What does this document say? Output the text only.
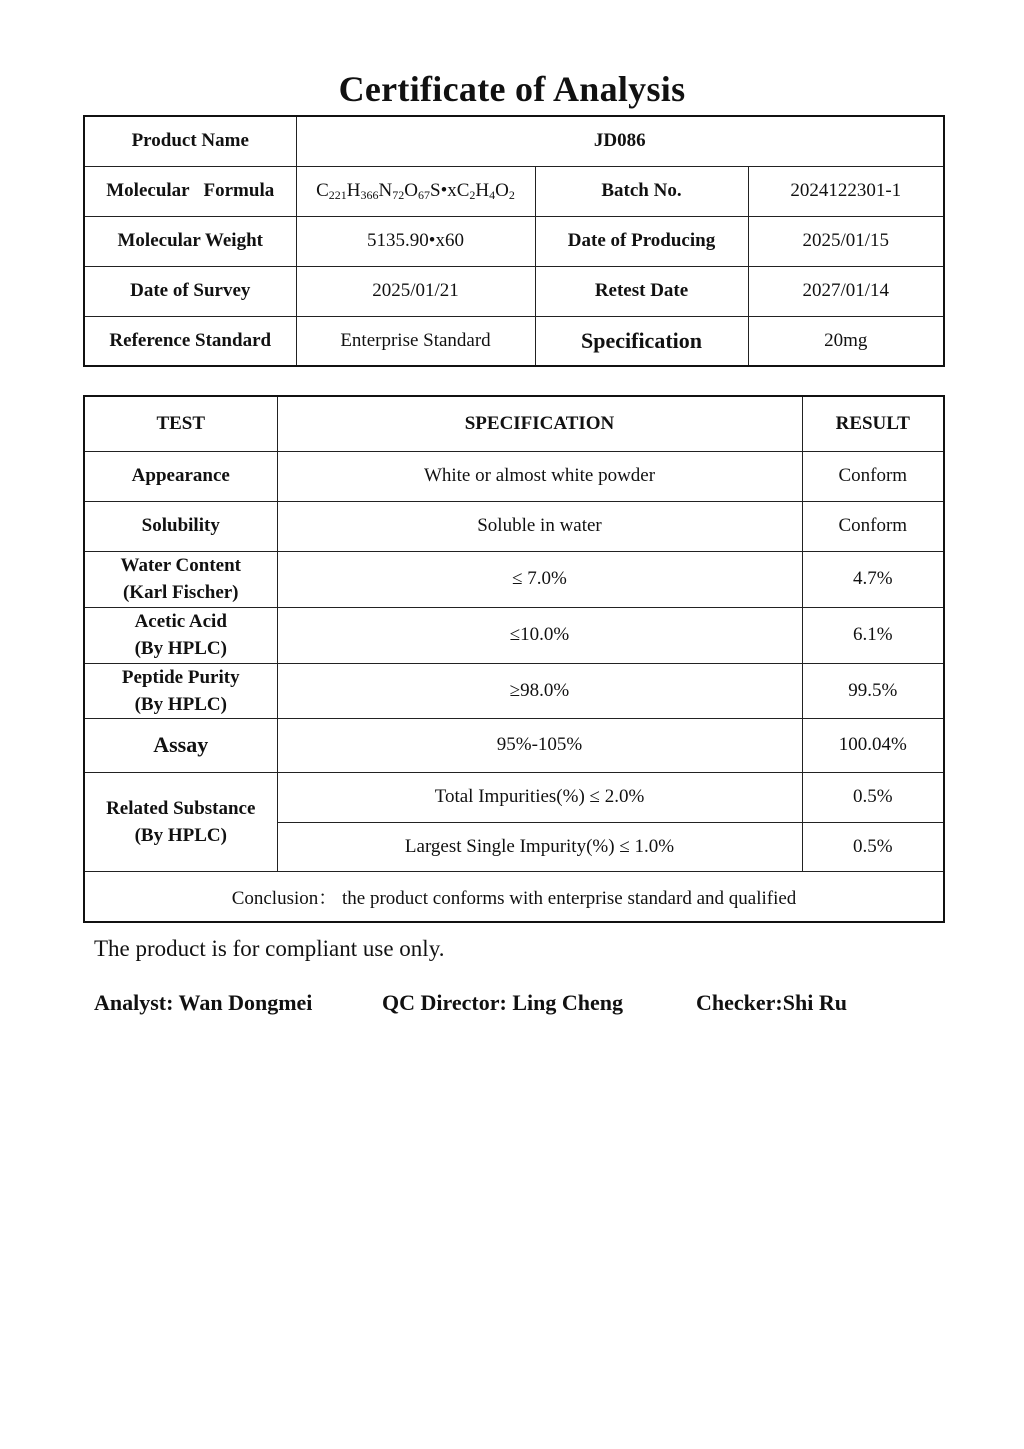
Certificate of Analysis
Product Name	JD086		
Molecular   Formula	$C_{221}H_{366}N_{72}O_{67}S•xC_2H_4O_2$	Batch No.	2024122301-1
Molecular Weight	5135.90•x60	Date of Producing	2025/01/15
Date of Survey	2025/01/21	Retest Date	2027/01/14
Reference Standard	Enterprise Standard	Specification	20mg
TEST	SPECIFICATION	RESULT
Appearance	White or almost white powder	Conform
Solubility	Soluble in water	Conform
Water Content
(Karl Fischer)	≤ 7.0%	4.7%
Acetic Acid
(By HPLC)	≤10.0%	6.1%
Peptide Purity
(By HPLC)	≥98.0%	99.5%
Assay	95%-105%	100.04%
Related Substance
(By HPLC)	Total Impurities(%) ≤ 2.0%	0.5%
	Largest Single Impurity(%) ≤ 1.0%	0.5%
Conclusion： the product conforms with enterprise standard and qualified		
The product is for compliant use only.
Analyst: Wan Dongmei	QC Director: Ling Cheng	Checker:Shi Ru
